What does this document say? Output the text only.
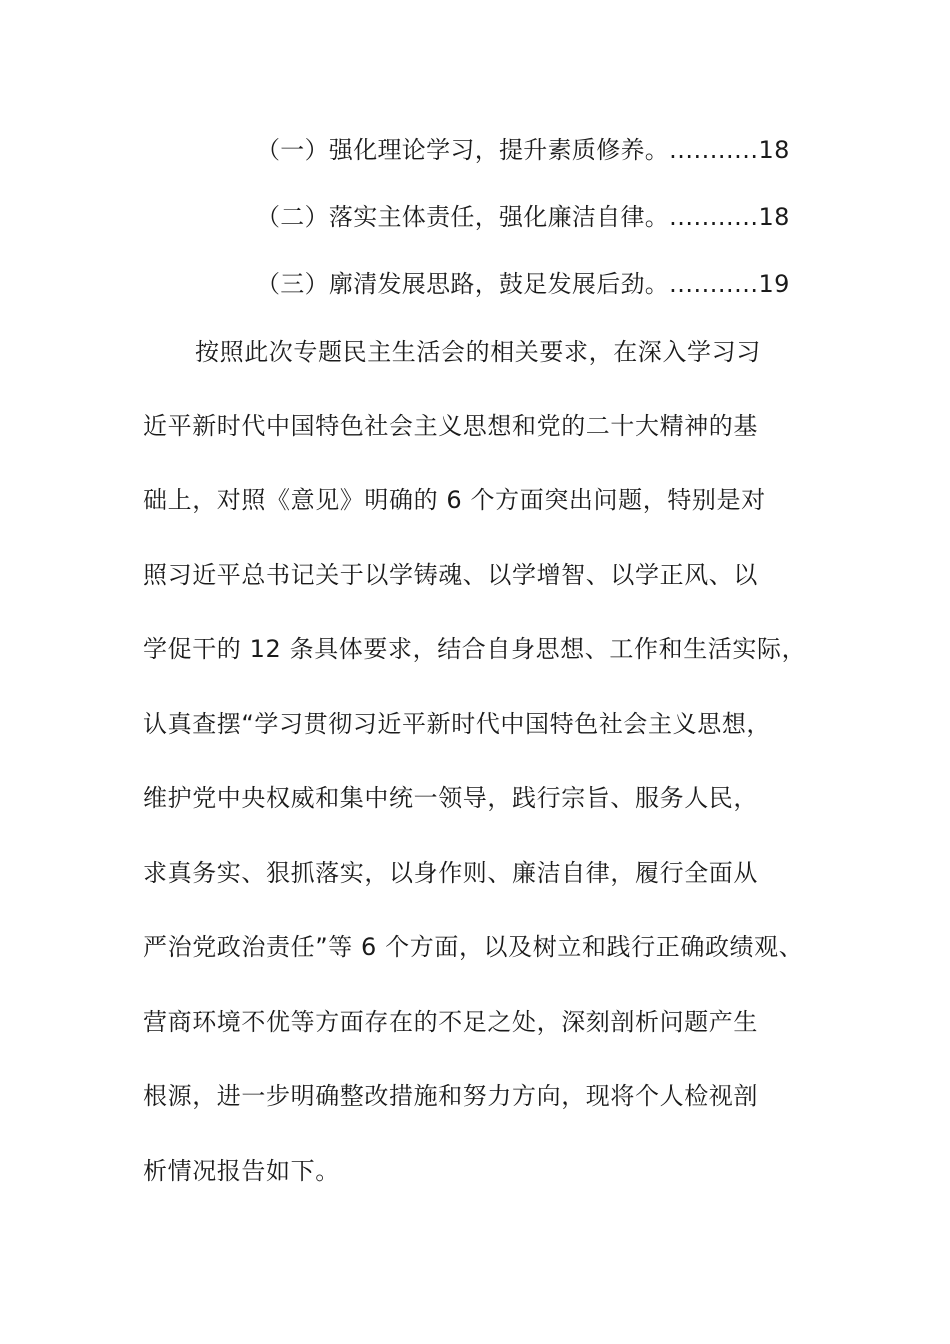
（一）强化理论学习，提升素质修养。...........18
（二）落实主体责任，强化廉洁自律。...........18
（三）廓清发展思路，鼓足发展后劲。...........19
按照此次专题民主生活会的相关要求，在深入学习习
近平新时代中国特色社会主义思想和党的二十大精神的基
础上，对照《意见》明确的 6 个方面突出问题，特别是对
照习近平总书记关于以学铸魂、以学增智、以学正风、以
学促干的 12 条具体要求，结合自身思想、工作和生活实际，
认真查摆“学习贯彻习近平新时代中国特色社会主义思想，
维护党中央权威和集中统一领导，践行宗旨、服务人民，
求真务实、狠抓落实，以身作则、廉洁自律，履行全面从
严治党政治责任”等 6 个方面，以及树立和践行正确政绩观、
营商环境不优等方面存在的不足之处，深刻剖析问题产生
根源，进一步明确整改措施和努力方向，现将个人检视剖
析情况报告如下。
